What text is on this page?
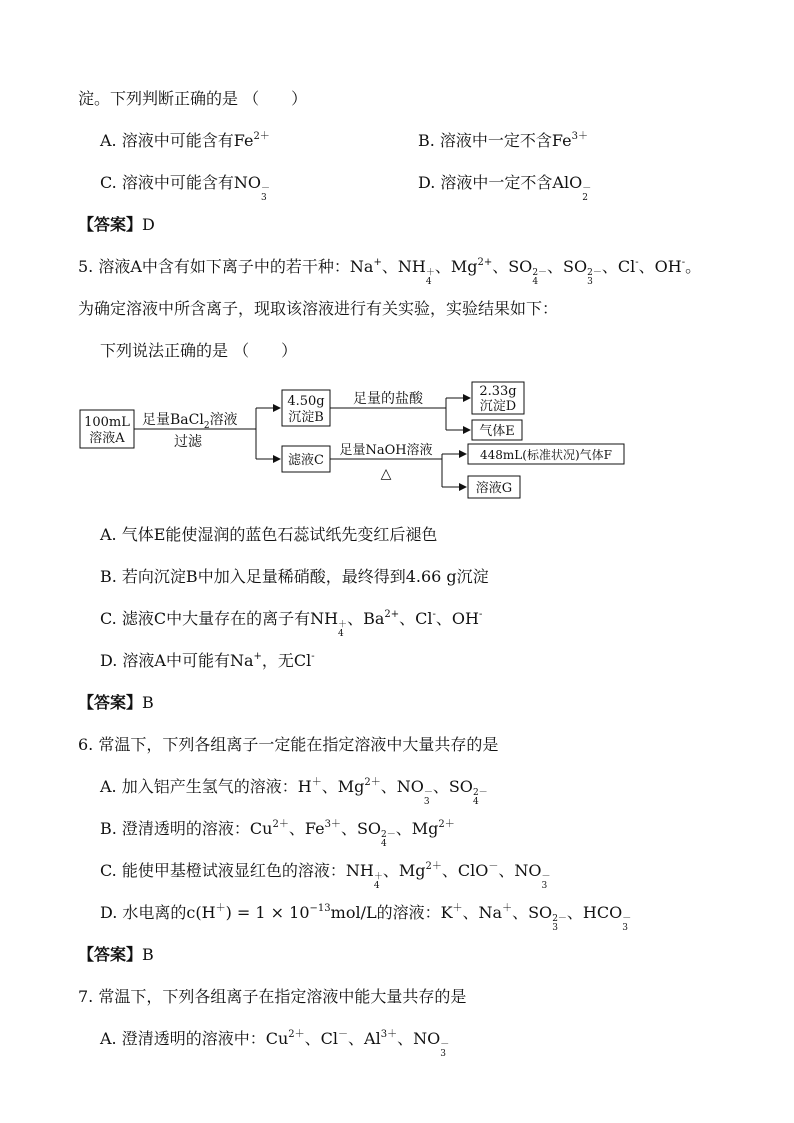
淀。下列判断正确的是 （　　）
A. 溶液中可能含有$Fe^{2+}$	B. 溶液中一定不含$Fe^{3+}$
C. 溶液中可能含有NO －
3
D. 溶液中一定不含AlO －
2
【答案】D
5. 溶液A中含有如下离子中的若干种：Na+、NH ＋
4
、$Mg^{2+}$、SO 2－
4
、SO 2－
3
、Cl-、OH-。
为确定溶液中所含离子，现取该溶液进行有关实验，实验结果如下：
下列说法正确的是 （　　）
100mL
溶液A
足量BaCl$_2$溶液
过滤
4.50g
沉淀B
足量的盐酸	2.33g
沉淀D
气体E
滤液C
足量NaOH溶液
△
448mL(标准状况)气体F
溶液G
A. 气体E能使湿润的蓝色石蕊试纸先变红后褪色
B. 若向沉淀B中加入足量稀硝酸，最终得到4.66 g沉淀
C. 滤液C中大量存在的离子有NH ＋
4
、$Ba^{2+}$、Cl-、OH-
D. 溶液A中可能有Na+，无Cl-
【答案】B
6. 常温下，下列各组离子一定能在指定溶液中大量共存的是
A. 加入铝产生氢气的溶液：H＋、$Mg^{2+}$、NO －
3
、SO 2－
4
B. 澄清透明的溶液：$Cu^{2+}$、$Fe^{3+}$、SO 2－
4
、$Mg^{2+}$
C. 能使甲基橙试液显红色的溶液：NH ＋
4
、$Mg^{2+}$、ClO－、NO －
3
D. 水电离的$c(H^+) = 1 \times 10^{-13}mol/L$的溶液：K＋、Na＋、SO 2－
3
、HCO －
3
【答案】B
7. 常温下，下列各组离子在指定溶液中能大量共存的是
A. 澄清透明的溶液中：$Cu^{2+}$、Cl－、$Al^{3+}$、NO －
3
